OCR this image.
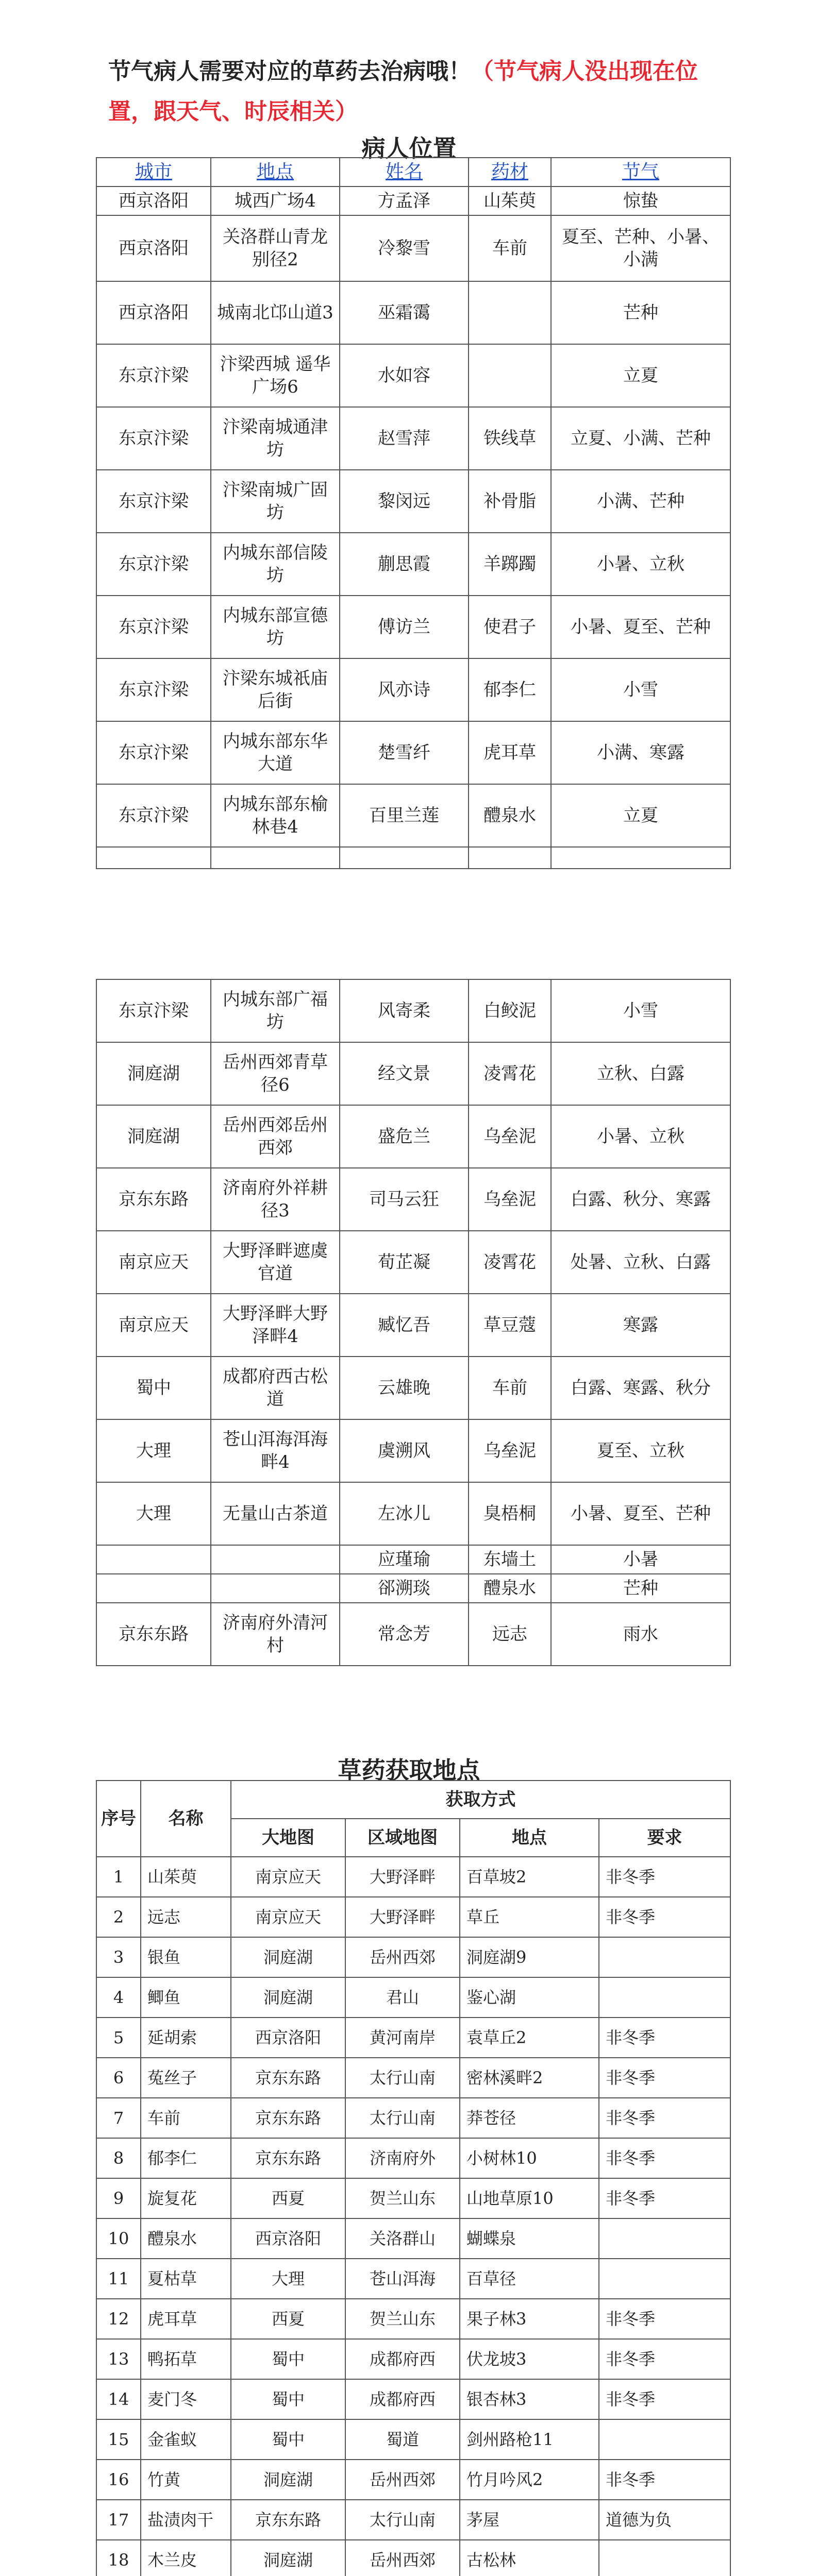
节气病人需要对应的草药去治病哦！（节气病人没出现在位置，跟天气、时辰相关）
病人位置
城市	地点	姓名	药材	节气
西京洛阳	城西广场4	方孟泽	山茱萸	惊蛰
西京洛阳	关洛群山青龙别径2	冷黎雪	车前	夏至、芒种、小暑、小满
西京洛阳	城南北邙山道3	巫霜霭		芒种
东京汴梁	汴梁西城 遥华广场6	水如容		立夏
东京汴梁	汴梁南城通津坊	赵雪萍	铁线草	立夏、小满、芒种
东京汴梁	汴梁南城广固坊	黎闵远	补骨脂	小满、芒种
东京汴梁	内城东部信陵坊	蒯思霞	羊踯躅	小暑、立秋
东京汴梁	内城东部宣德坊	傅访兰	使君子	小暑、夏至、芒种
东京汴梁	汴梁东城祇庙后街	风亦诗	郁李仁	小雪
东京汴梁	内城东部东华大道	楚雪纤	虎耳草	小满、寒露
东京汴梁	内城东部东榆林巷4	百里兰莲	醴泉水	立夏

东京汴梁	内城东部广福坊	风寄柔	白鲛泥	小雪
洞庭湖	岳州西郊青草径6	经文景	凌霄花	立秋、白露
洞庭湖	岳州西郊岳州西郊	盛危兰	乌垒泥	小暑、立秋
京东东路	济南府外祥耕径3	司马云狂	乌垒泥	白露、秋分、寒露
南京应天	大野泽畔遮虞官道	荀芷凝	凌霄花	处暑、立秋、白露
南京应天	大野泽畔大野泽畔4	臧忆吾	草豆蔻	寒露
蜀中	成都府西古松道	云雄晚	车前	白露、寒露、秋分
大理	苍山洱海洱海畔4	虞溯风	乌垒泥	夏至、立秋
大理	无量山古茶道	左冰儿	臭梧桐	小暑、夏至、芒种
		应瑾瑜	东墙土	小暑
		郤溯琰	醴泉水	芒种
京东东路	济南府外清河村	常念芳	远志	雨水
草药获取地点
序号	名称	获取方式			
		大地图	区域地图	地点	要求
1	山茱萸	南京应天	大野泽畔	百草坡2	非冬季
2	远志	南京应天	大野泽畔	草丘	非冬季
3	银鱼	洞庭湖	岳州西郊	洞庭湖9	
4	鲫鱼	洞庭湖	君山	鉴心湖	
5	延胡索	西京洛阳	黄河南岸	袁草丘2	非冬季
6	菟丝子	京东东路	太行山南	密林溪畔2	非冬季
7	车前	京东东路	太行山南	莽苍径	非冬季
8	郁李仁	京东东路	济南府外	小树林10	非冬季
9	旋复花	西夏	贺兰山东	山地草原10	非冬季
10	醴泉水	西京洛阳	关洛群山	蝴蝶泉	
11	夏枯草	大理	苍山洱海	百草径	
12	虎耳草	西夏	贺兰山东	果子林3	非冬季
13	鸭拓草	蜀中	成都府西	伏龙坡3	非冬季
14	麦门冬	蜀中	成都府西	银杏林3	非冬季
15	金雀蚁	蜀中	蜀道	剑州路枪11	
16	竹黄	洞庭湖	岳州西郊	竹月吟风2	非冬季
17	盐渍肉干	京东东路	太行山南	茅屋	道德为负
18	木兰皮	洞庭湖	岳州西郊	古松林	
